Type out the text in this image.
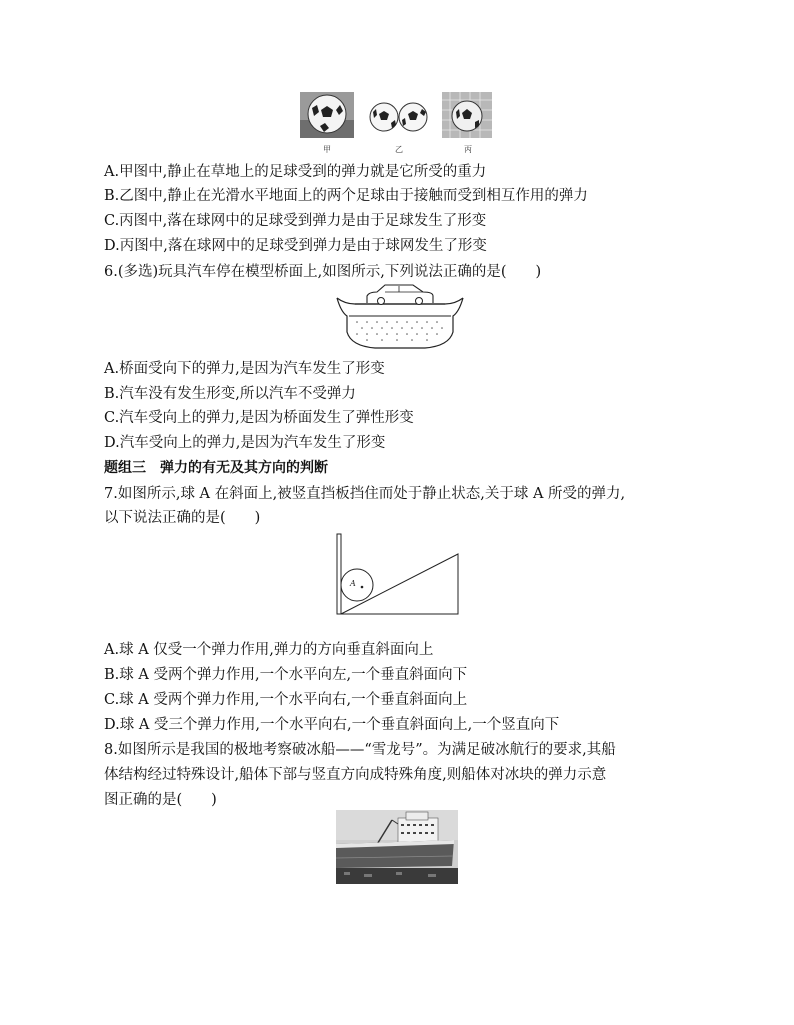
甲	乙	丙
A.甲图中,静止在草地上的足球受到的弹力就是它所受的重力
B.乙图中,静止在光滑水平地面上的两个足球由于接触而受到相互作用的弹力
C.丙图中,落在球网中的足球受到弹力是由于足球发生了形变
D.丙图中,落在球网中的足球受到弹力是由于球网发生了形变
6.(多选)玩具汽车停在模型桥面上,如图所示,下列说法正确的是(　　)
A.桥面受向下的弹力,是因为汽车发生了形变
B.汽车没有发生形变,所以汽车不受弹力
C.汽车受向上的弹力,是因为桥面发生了弹性形变
D.汽车受向上的弹力,是因为汽车发生了形变
题组三　弹力的有无及其方向的判断
7.如图所示,球 A 在斜面上,被竖直挡板挡住而处于静止状态,关于球 A 所受的弹力,
以下说法正确的是(　　)
A
A.球 A 仅受一个弹力作用,弹力的方向垂直斜面向上
B.球 A 受两个弹力作用,一个水平向左,一个垂直斜面向下
C.球 A 受两个弹力作用,一个水平向右,一个垂直斜面向上
D.球 A 受三个弹力作用,一个水平向右,一个垂直斜面向上,一个竖直向下
8.如图所示是我国的极地考察破冰船——“雪龙号”。为满足破冰航行的要求,其船
体结构经过特殊设计,船体下部与竖直方向成特殊角度,则船体对冰块的弹力示意
图正确的是(　　)
